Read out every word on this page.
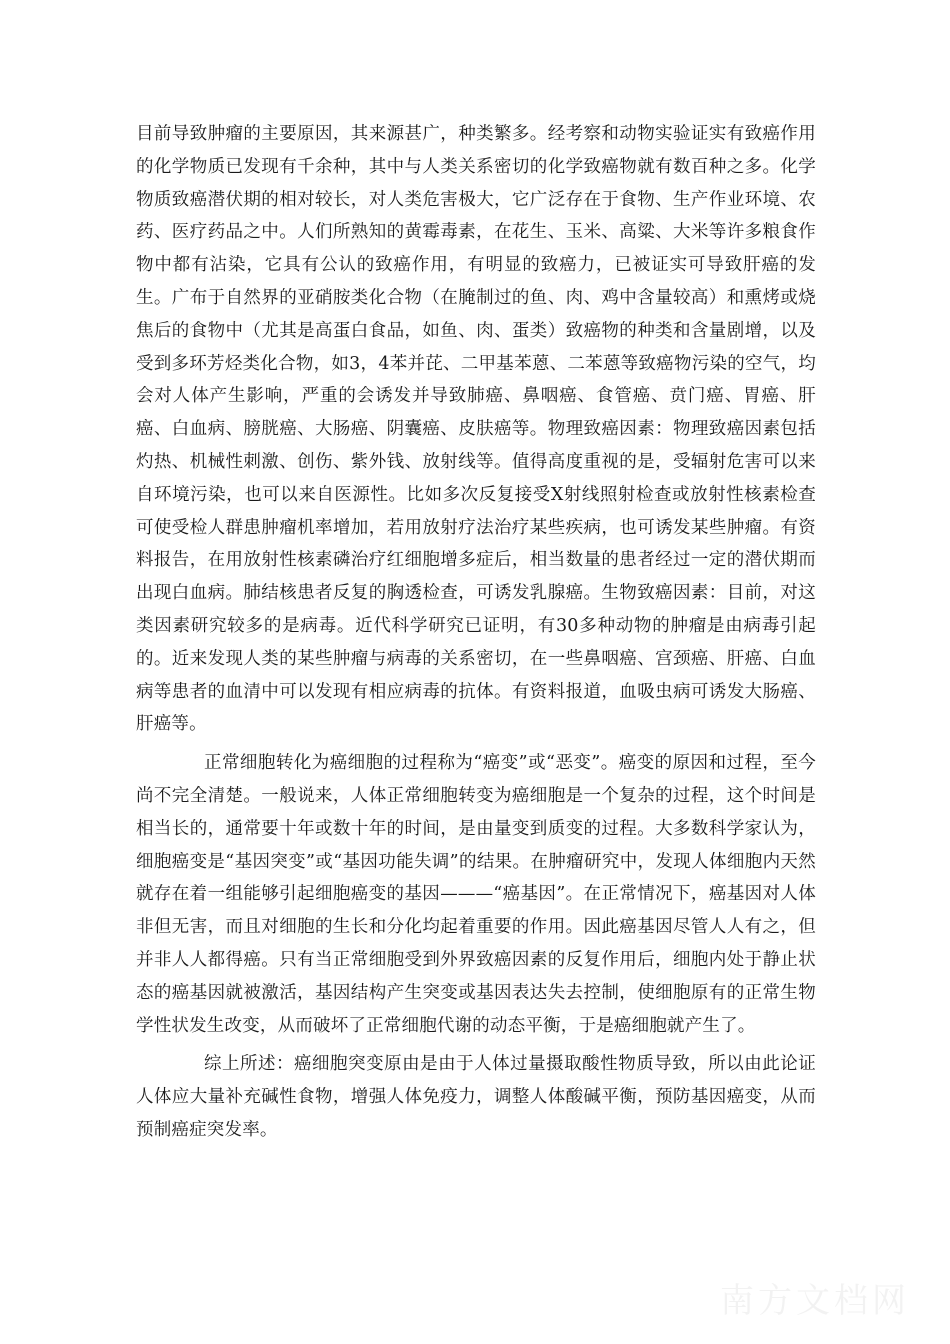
目前导致肿瘤的主要原因，其来源甚广，种类繁多。经考察和动物实验证实有致癌作用的化学物质已发现有千余种，其中与人类关系密切的化学致癌物就有数百种之多。化学物质致癌潜伏期的相对较长，对人类危害极大，它广泛存在于食物、生产作业环境、农药、医疗药品之中。人们所熟知的黄霉毒素，在花生、玉米、高粱、大米等许多粮食作物中都有沾染，它具有公认的致癌作用，有明显的致癌力，已被证实可导致肝癌的发生。广布于自然界的亚硝胺类化合物（在腌制过的鱼、肉、鸡中含量较高）和熏烤或烧焦后的食物中（尤其是高蛋白食品，如鱼、肉、蛋类）致癌物的种类和含量剧增，以及受到多环芳烃类化合物，如3，4苯并芘、二甲基苯蒽、二苯蒽等致癌物污染的空气，均会对人体产生影响，严重的会诱发并导致肺癌、鼻咽癌、食管癌、贲门癌、胃癌、肝癌、白血病、膀胱癌、大肠癌、阴囊癌、皮肤癌等。物理致癌因素：物理致癌因素包括灼热、机械性刺激、创伤、紫外钱、放射线等。值得高度重视的是，受辐射危害可以来自环境污染，也可以来自医源性。比如多次反复接受X射线照射检查或放射性核素检查可使受检人群患肿瘤机率增加，若用放射疗法治疗某些疾病，也可诱发某些肿瘤。有资料报告，在用放射性核素磷治疗红细胞增多症后，相当数量的患者经过一定的潜伏期而出现白血病。肺结核患者反复的胸透检查，可诱发乳腺癌。生物致癌因素：目前，对这类因素研究较多的是病毒。近代科学研究已证明，有30多种动物的肿瘤是由病毒引起的。近来发现人类的某些肿瘤与病毒的关系密切，在一些鼻咽癌、宫颈癌、肝癌、白血病等患者的血清中可以发现有相应病毒的抗体。有资料报道，血吸虫病可诱发大肠癌、肝癌等。

正常细胞转化为癌细胞的过程称为“癌变”或“恶变”。癌变的原因和过程，至今尚不完全清楚。一般说来，人体正常细胞转变为癌细胞是一个复杂的过程，这个时间是相当长的，通常要十年或数十年的时间，是由量变到质变的过程。大多数科学家认为，细胞癌变是“基因突变”或“基因功能失调”的结果。在肿瘤研究中，发现人体细胞内天然就存在着一组能够引起细胞癌变的基因———“癌基因”。在正常情况下，癌基因对人体非但无害，而且对细胞的生长和分化均起着重要的作用。因此癌基因尽管人人有之，但并非人人都得癌。只有当正常细胞受到外界致癌因素的反复作用后，细胞内处于静止状态的癌基因就被激活，基因结构产生突变或基因表达失去控制，使细胞原有的正常生物学性状发生改变，从而破坏了正常细胞代谢的动态平衡，于是癌细胞就产生了。

综上所述：癌细胞突变原由是由于人体过量摄取酸性物质导致，所以由此论证人体应大量补充碱性食物，增强人体免疫力，调整人体酸碱平衡，预防基因癌变，从而预制癌症突发率。

南方文档网
